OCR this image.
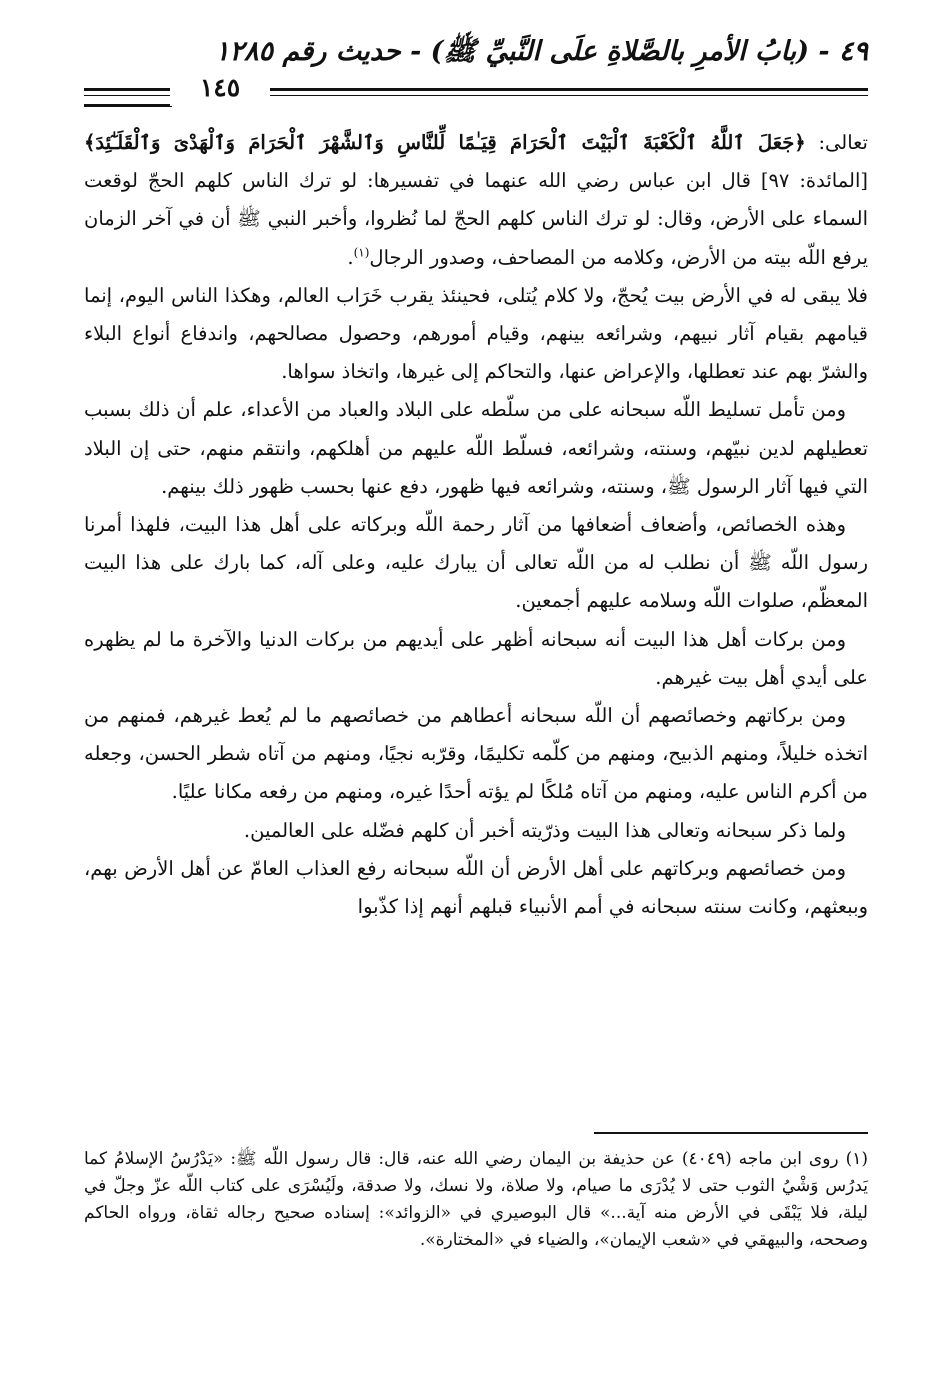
٤٩ - (بابُ الأمرِ بالصَّلاةِ علَى النَّبيِّ ﷺ) - حديث رقم ١٢٨٥
١٤٥

تعالى: ﴿جَعَلَ ٱللَّهُ ٱلْكَعْبَةَ ٱلْبَيْتَ ٱلْحَرَامَ قِيَـٰمًا لِّلنَّاسِ وَٱلشَّهْرَ ٱلْحَرَامَ وَٱلْهَدْىَ وَٱلْقَلَـٰٓئِدَ﴾ [المائدة: ٩٧] قال ابن عباس رضي الله عنهما في تفسيرها: لو ترك الناس كلهم الحجّ لوقعت السماء على الأرض، وقال: لو ترك الناس كلهم الحجّ لما نُظروا، وأخبر النبي ﷺ أن في آخر الزمان يرفع اللّه بيته من الأرض، وكلامه من المصاحف، وصدور الرجال$^{(١)}$.

فلا يبقى له في الأرض بيت يُحجّ، ولا كلام يُتلى، فحينئذ يقرب خَرَاب العالم، وهكذا الناس اليوم، إنما قيامهم بقيام آثار نبيهم، وشرائعه بينهم، وقيام أمورهم، وحصول مصالحهم، واندفاع أنواع البلاء والشرّ بهم عند تعطلها، والإعراض عنها، والتحاكم إلى غيرها، واتخاذ سواها.

ومن تأمل تسليط اللّه سبحانه على من سلّطه على البلاد والعباد من الأعداء، علم أن ذلك بسبب تعطيلهم لدين نبيّهم، وسنته، وشرائعه، فسلّط اللّه عليهم من أهلكهم، وانتقم منهم، حتى إن البلاد التي فيها آثار الرسول ﷺ، وسنته، وشرائعه فيها ظهور، دفع عنها بحسب ظهور ذلك بينهم.

وهذه الخصائص، وأضعاف أضعافها من آثار رحمة اللّه وبركاته على أهل هذا البيت، فلهذا أمرنا رسول اللّه ﷺ أن نطلب له من اللّه تعالى أن يبارك عليه، وعلى آله، كما بارك على هذا البيت المعظّم، صلوات اللّه وسلامه عليهم أجمعين.

ومن بركات أهل هذا البيت أنه سبحانه أظهر على أيديهم من بركات الدنيا والآخرة ما لم يظهره على أيدي أهل بيت غيرهم.

ومن بركاتهم وخصائصهم أن اللّه سبحانه أعطاهم من خصائصهم ما لم يُعط غيرهم، فمنهم من اتخذه خليلاً، ومنهم الذبيح، ومنهم من كلّمه تكليمًا، وقرّبه نجيًا، ومنهم من آتاه شطر الحسن، وجعله من أكرم الناس عليه، ومنهم من آتاه مُلكًا لم يؤته أحدًا غيره، ومنهم من رفعه مكانا عليًا.

ولما ذكر سبحانه وتعالى هذا البيت وذرّيته أخبر أن كلهم فضّله على العالمين.

ومن خصائصهم وبركاتهم على أهل الأرض أن اللّه سبحانه رفع العذاب العامّ عن أهل الأرض بهم، وببعثهم، وكانت سنته سبحانه في أمم الأنبياء قبلهم أنهم إذا كذّبوا

(١) روى ابن ماجه (٤٠٤٩) عن حذيفة بن اليمان رضي الله عنه، قال: قال رسول اللّه ﷺ: «يَدْرُسُ الإسلامُ كما يَدرُس وَشْيُ الثوب حتى لا يُدْرَى ما صيام، ولا صلاة، ولا نسك، ولا صدقة، ولَيُسْرَى على كتاب اللّه عزّ وجلّ في ليلة، فلا يَبْقَى في الأرض منه آية...» قال البوصيري في «الزوائد»: إسناده صحيح رجاله ثقاة، ورواه الحاكم وصححه، والبيهقي في «شعب الإيمان»، والضياء في «المختارة».
